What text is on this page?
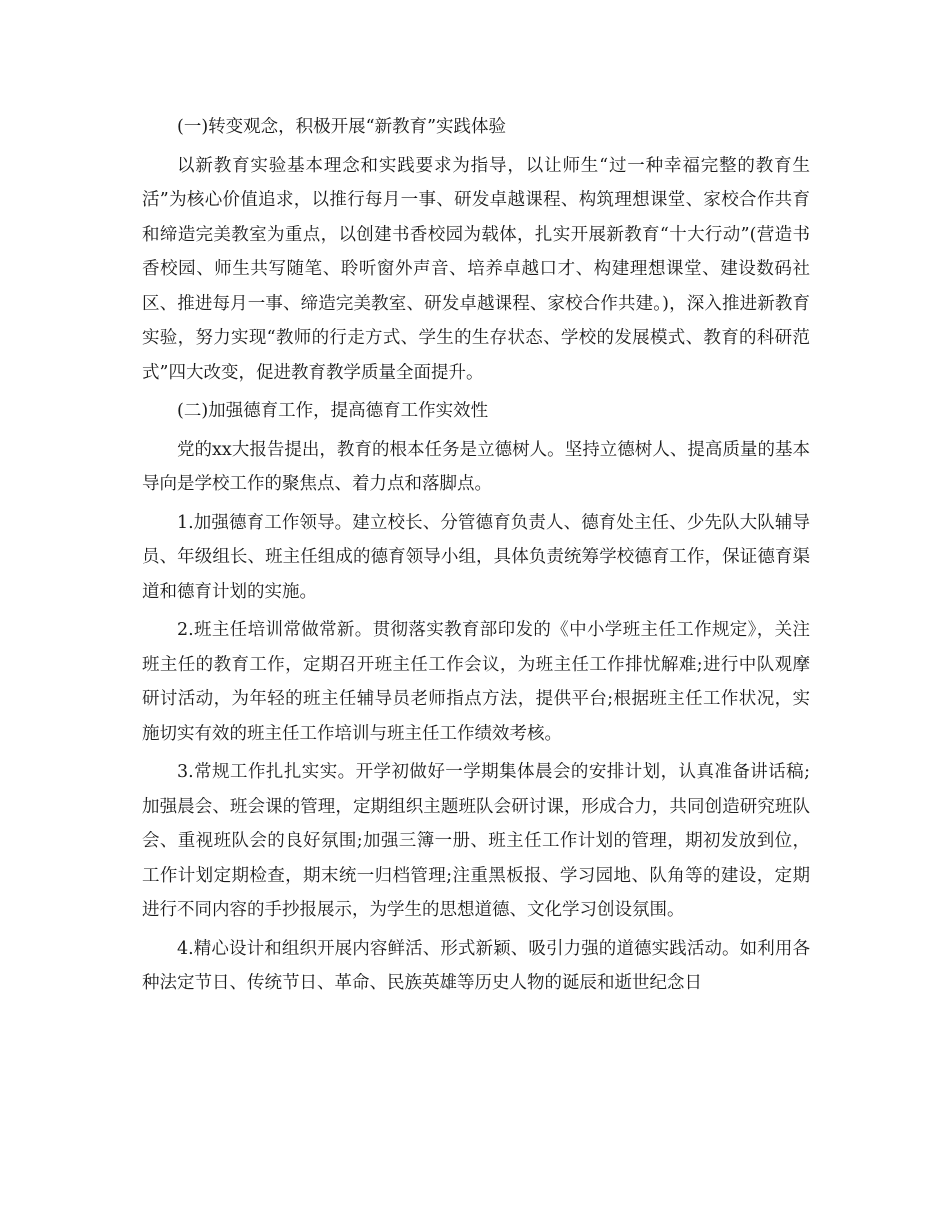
(一)转变观念，积极开展“新教育”实践体验

以新教育实验基本理念和实践要求为指导，以让师生“过一种幸福完整的教育生活”为核心价值追求，以推行每月一事、研发卓越课程、构筑理想课堂、家校合作共育和缔造完美教室为重点，以创建书香校园为载体，扎实开展新教育“十大行动”(营造书香校园、师生共写随笔、聆听窗外声音、培养卓越口才、构建理想课堂、建设数码社区、推进每月一事、缔造完美教室、研发卓越课程、家校合作共建。)，深入推进新教育实验，努力实现“教师的行走方式、学生的生存状态、学校的发展模式、教育的科研范式”四大改变，促进教育教学质量全面提升。

(二)加强德育工作，提高德育工作实效性

党的xx大报告提出，教育的根本任务是立德树人。坚持立德树人、提高质量的基本导向是学校工作的聚焦点、着力点和落脚点。

1.加强德育工作领导。建立校长、分管德育负责人、德育处主任、少先队大队辅导员、年级组长、班主任组成的德育领导小组，具体负责统筹学校德育工作，保证德育渠道和德育计划的实施。

2.班主任培训常做常新。贯彻落实教育部印发的《中小学班主任工作规定》，关注班主任的教育工作，定期召开班主任工作会议，为班主任工作排忧解难;进行中队观摩研讨活动，为年轻的班主任辅导员老师指点方法，提供平台;根据班主任工作状况，实施切实有效的班主任工作培训与班主任工作绩效考核。

3.常规工作扎扎实实。开学初做好一学期集体晨会的安排计划，认真准备讲话稿;加强晨会、班会课的管理，定期组织主题班队会研讨课，形成合力，共同创造研究班队会、重视班队会的良好氛围;加强三簿一册、班主任工作计划的管理，期初发放到位，工作计划定期检查，期末统一归档管理;注重黑板报、学习园地、队角等的建设，定期进行不同内容的手抄报展示，为学生的思想道德、文化学习创设氛围。

4.精心设计和组织开展内容鲜活、形式新颖、吸引力强的道德实践活动。如利用各种法定节日、传统节日、革命、民族英雄等历史人物的诞辰和逝世纪念日
